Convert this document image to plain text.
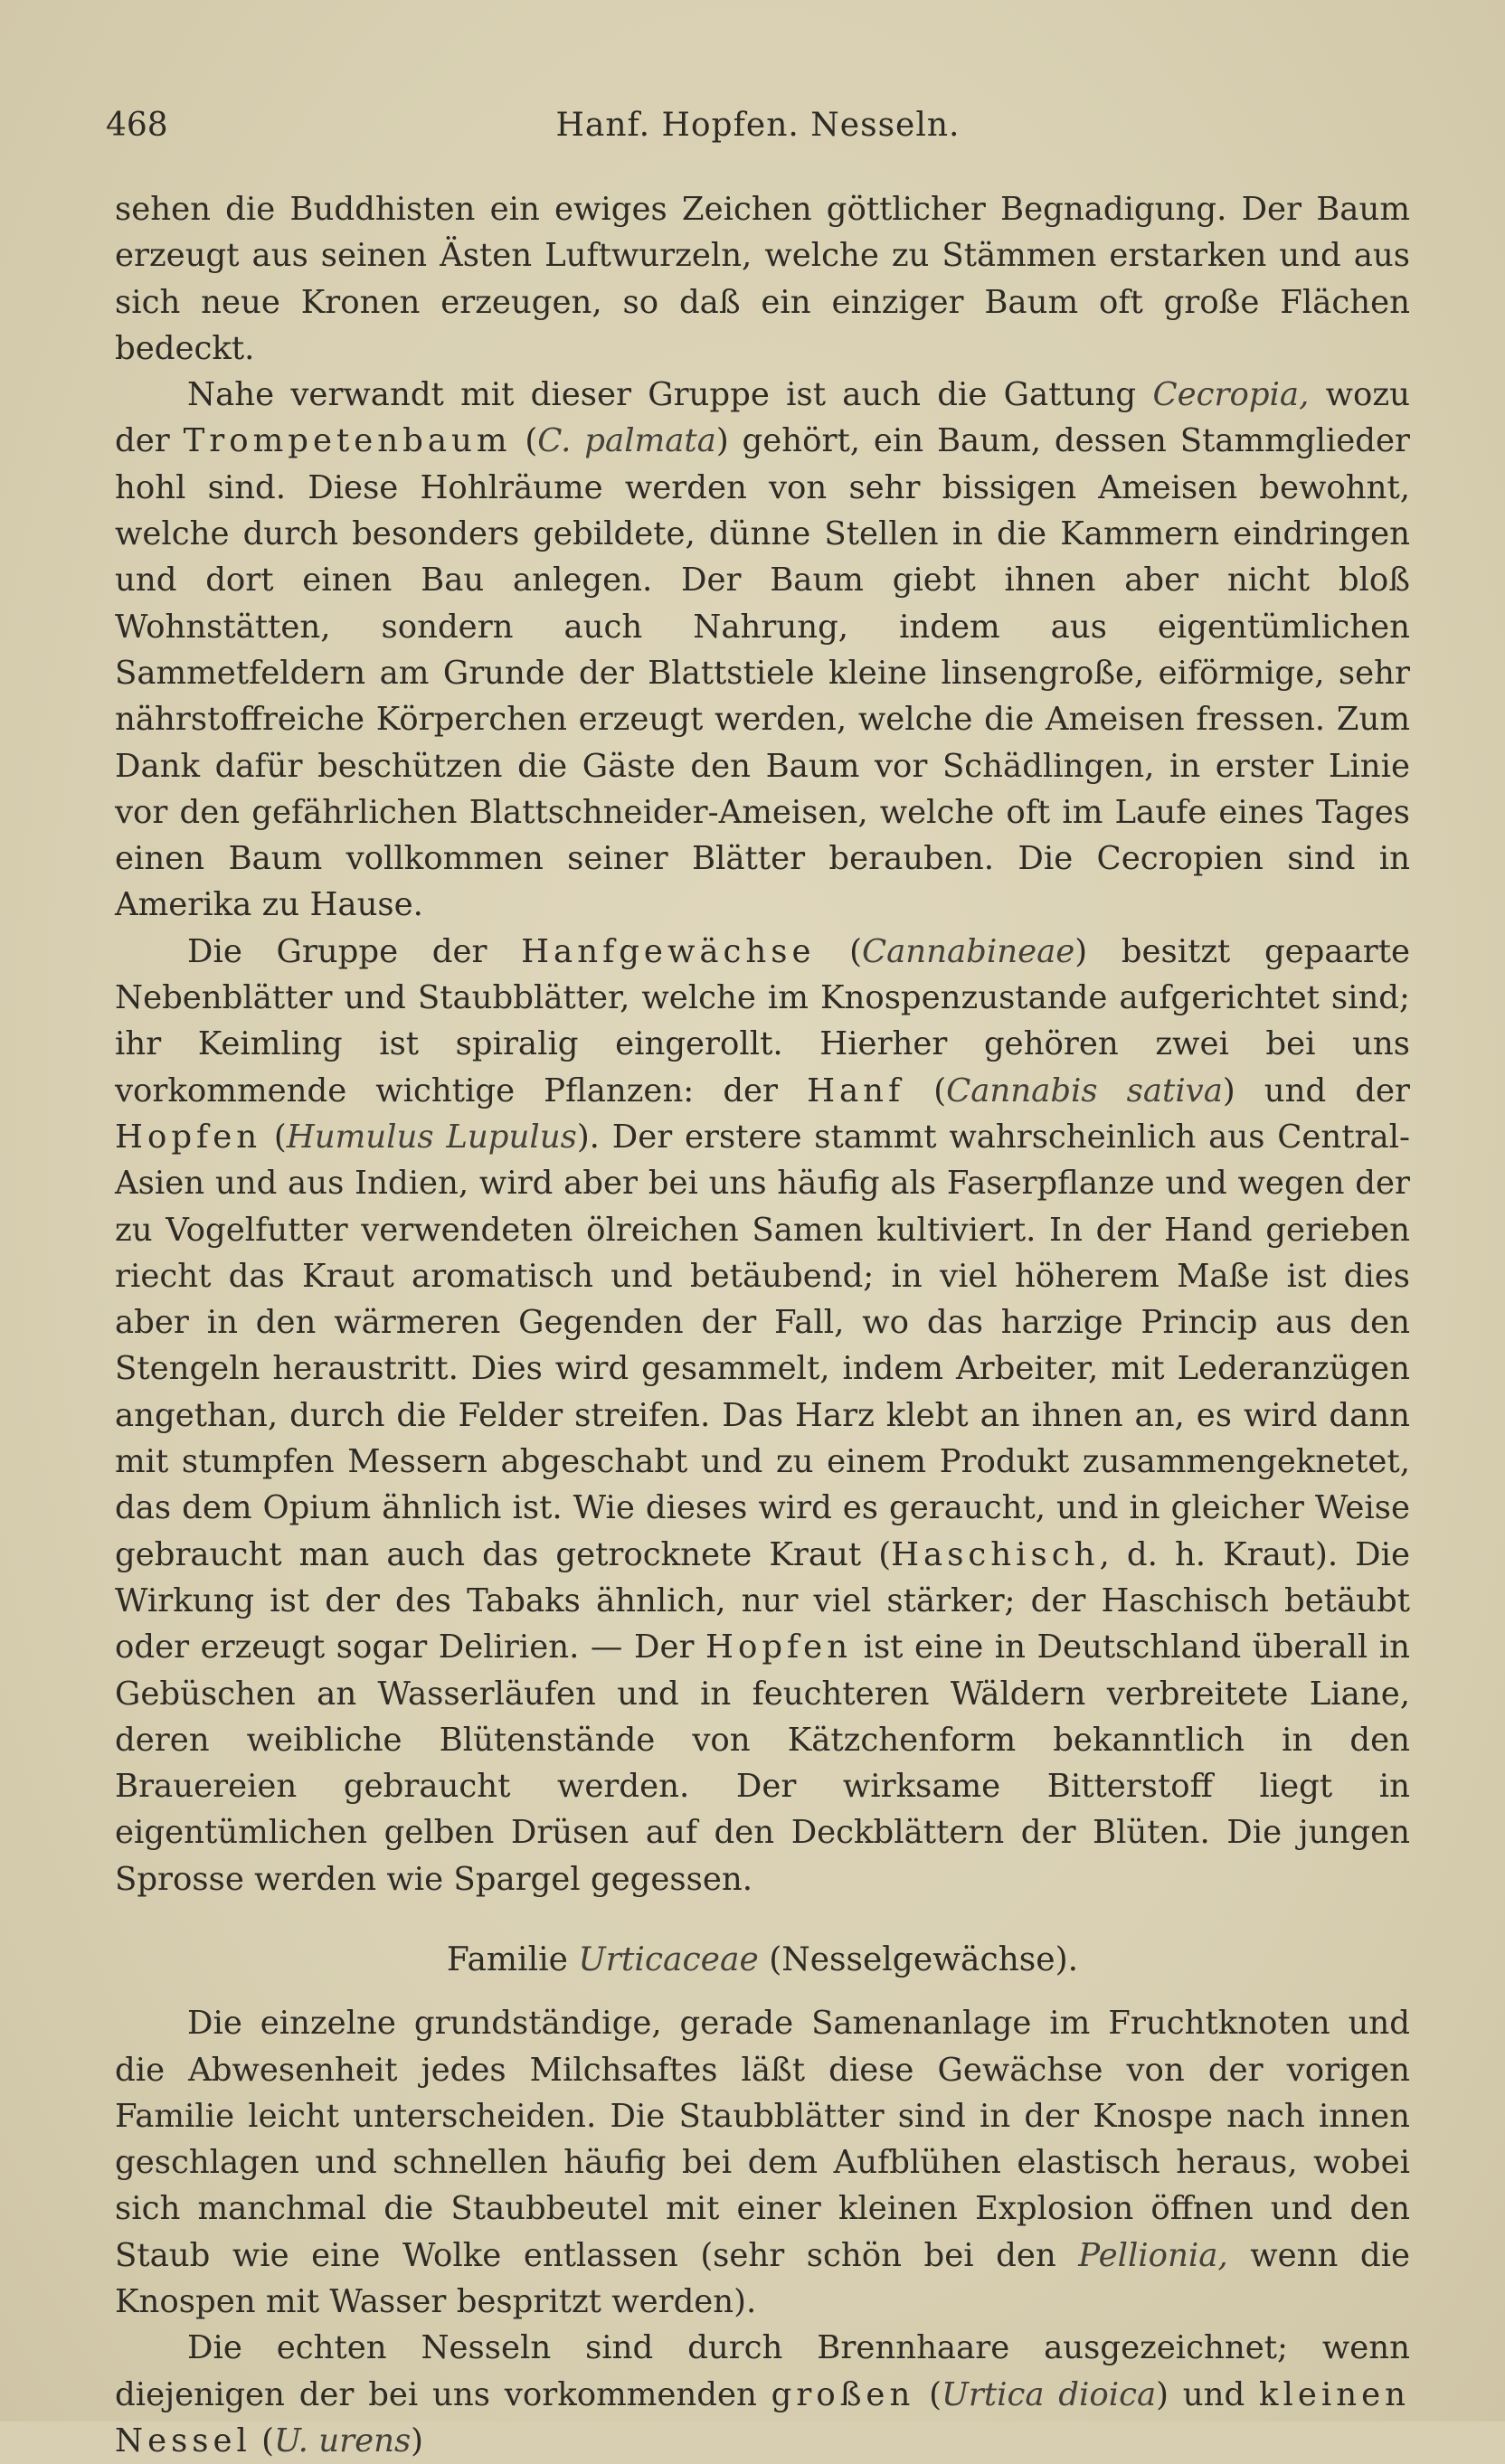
468	Hanf. Hopfen. Nesseln.

sehen die Buddhisten ein ewiges Zeichen göttlicher Begnadigung. Der Baum erzeugt aus seinen Ästen Luftwurzeln, welche zu Stämmen erstarken und aus sich neue Kronen erzeugen, so daß ein einziger Baum oft große Flächen bedeckt.

Nahe verwandt mit dieser Gruppe ist auch die Gattung Cecropia, wozu der Trompetenbaum (C. palmata) gehört, ein Baum, dessen Stammglieder hohl sind. Diese Hohlräume werden von sehr bissigen Ameisen bewohnt, welche durch besonders gebildete, dünne Stellen in die Kammern eindringen und dort einen Bau anlegen. Der Baum giebt ihnen aber nicht bloß Wohnstätten, sondern auch Nahrung, indem aus eigentümlichen Sammetfeldern am Grunde der Blattstiele kleine linsengroße, eiförmige, sehr nährstoffreiche Körperchen erzeugt werden, welche die Ameisen fressen. Zum Dank dafür beschützen die Gäste den Baum vor Schädlingen, in erster Linie vor den gefährlichen Blattschneider-Ameisen, welche oft im Laufe eines Tages einen Baum vollkommen seiner Blätter berauben. Die Cecropien sind in Amerika zu Hause.

Die Gruppe der Hanfgewächse (Cannabineae) besitzt gepaarte Nebenblätter und Staubblätter, welche im Knospenzustande aufgerichtet sind; ihr Keimling ist spiralig eingerollt. Hierher gehören zwei bei uns vorkommende wichtige Pflanzen: der Hanf (Cannabis sativa) und der Hopfen (Humulus Lupulus). Der erstere stammt wahrscheinlich aus Central-Asien und aus Indien, wird aber bei uns häufig als Faserpflanze und wegen der zu Vogelfutter verwendeten ölreichen Samen kultiviert. In der Hand gerieben riecht das Kraut aromatisch und betäubend; in viel höherem Maße ist dies aber in den wärmeren Gegenden der Fall, wo das harzige Princip aus den Stengeln heraustritt. Dies wird gesammelt, indem Arbeiter, mit Lederanzügen angethan, durch die Felder streifen. Das Harz klebt an ihnen an, es wird dann mit stumpfen Messern abgeschabt und zu einem Produkt zusammengeknetet, das dem Opium ähnlich ist. Wie dieses wird es geraucht, und in gleicher Weise gebraucht man auch das getrocknete Kraut (Haschisch, d. h. Kraut). Die Wirkung ist der des Tabaks ähnlich, nur viel stärker; der Haschisch betäubt oder erzeugt sogar Delirien. — Der Hopfen ist eine in Deutschland überall in Gebüschen an Wasserläufen und in feuchteren Wäldern verbreitete Liane, deren weibliche Blütenstände von Kätzchenform bekanntlich in den Brauereien gebraucht werden. Der wirksame Bitterstoff liegt in eigentümlichen gelben Drüsen auf den Deckblättern der Blüten. Die jungen Sprosse werden wie Spargel gegessen.

Familie Urticaceae (Nesselgewächse).

Die einzelne grundständige, gerade Samenanlage im Fruchtknoten und die Abwesenheit jedes Milchsaftes läßt diese Gewächse von der vorigen Familie leicht unterscheiden. Die Staubblätter sind in der Knospe nach innen geschlagen und schnellen häufig bei dem Aufblühen elastisch heraus, wobei sich manchmal die Staubbeutel mit einer kleinen Explosion öffnen und den Staub wie eine Wolke entlassen (sehr schön bei den Pellionia, wenn die Knospen mit Wasser bespritzt werden).

Die echten Nesseln sind durch Brennhaare ausgezeichnet; wenn diejenigen der bei uns vorkommenden großen (Urtica dioica) und kleinen Nessel (U. urens)
